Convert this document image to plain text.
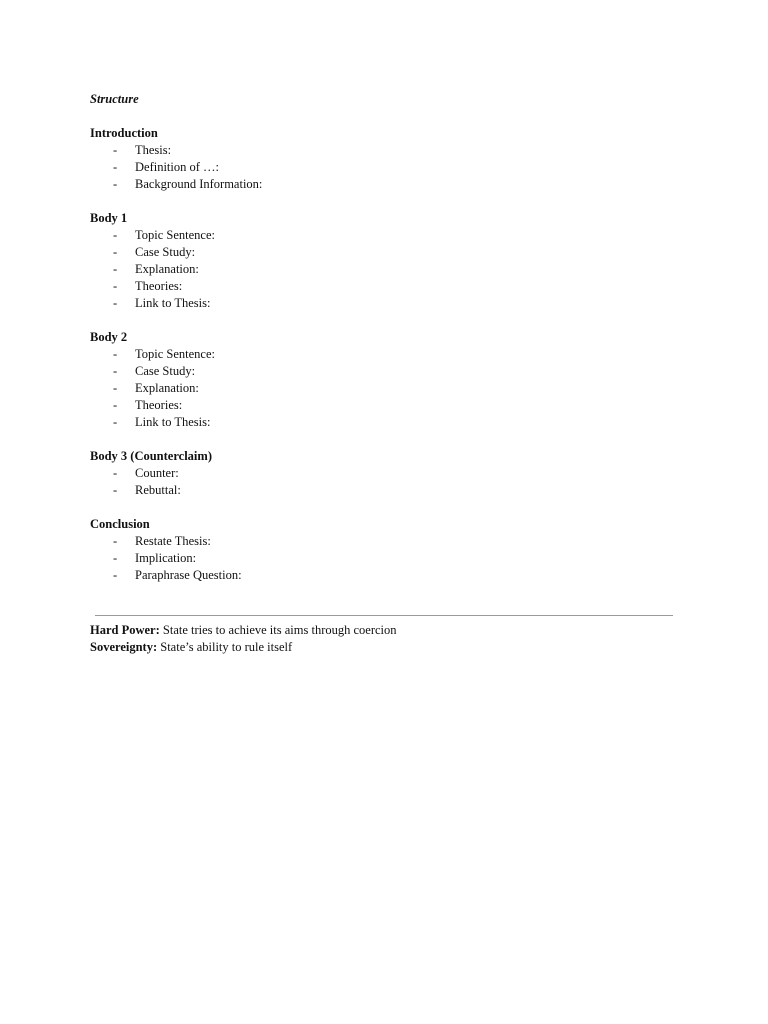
Structure
Introduction
- Thesis:
- Definition of …:
- Background Information:
Body 1
- Topic Sentence:
- Case Study:
- Explanation:
- Theories:
- Link to Thesis:
Body 2
- Topic Sentence:
- Case Study:
- Explanation:
- Theories:
- Link to Thesis:
Body 3 (Counterclaim)
- Counter:
- Rebuttal:
Conclusion
- Restate Thesis:
- Implication:
- Paraphrase Question:
Hard Power: State tries to achieve its aims through coercion
Sovereignty: State’s ability to rule itself
